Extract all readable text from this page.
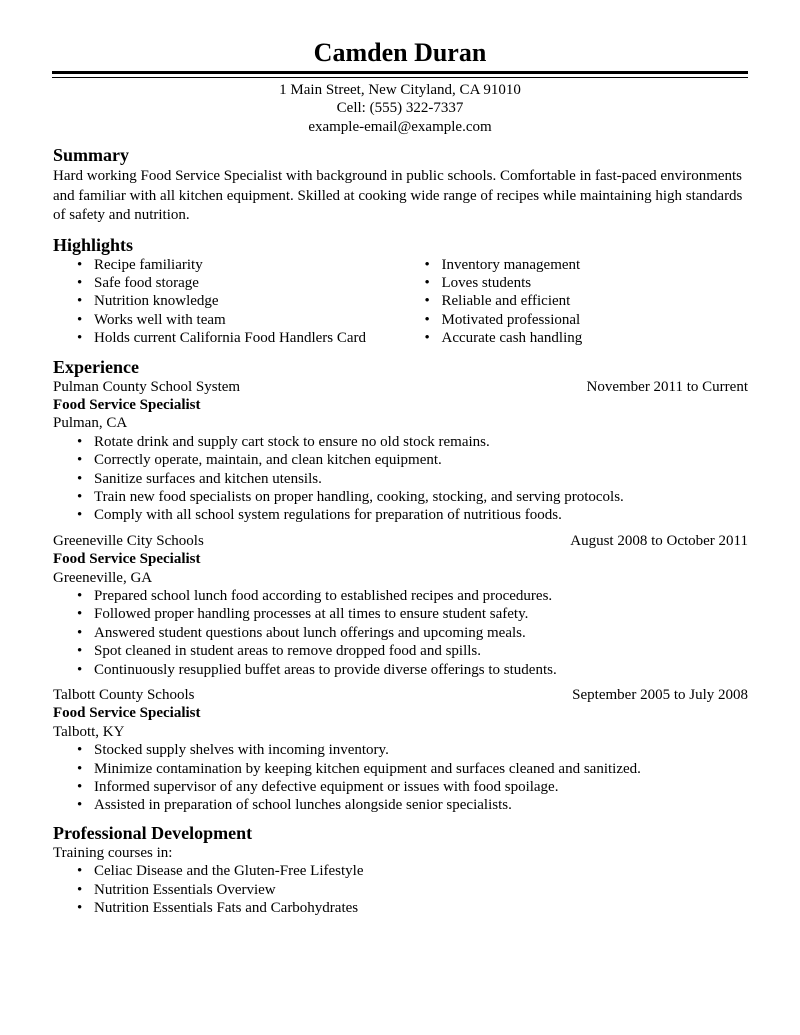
Camden Duran
1 Main Street, New Cityland, CA 91010
Cell: (555) 322-7337
example-email@example.com
Summary
Hard working Food Service Specialist with background in public schools. Comfortable in fast-paced environments and familiar with all kitchen equipment. Skilled at cooking wide range of recipes while maintaining high standards of safety and nutrition.
Highlights
• Recipe familiarity
• Safe food storage
• Nutrition knowledge
• Works well with team
• Holds current California Food Handlers Card
• Inventory management
• Loves students
• Reliable and efficient
• Motivated professional
• Accurate cash handling
Experience
Pulman County School System	November 2011 to Current
Food Service Specialist
Pulman, CA
• Rotate drink and supply cart stock to ensure no old stock remains.
• Correctly operate, maintain, and clean kitchen equipment.
• Sanitize surfaces and kitchen utensils.
• Train new food specialists on proper handling, cooking, stocking, and serving protocols.
• Comply with all school system regulations for preparation of nutritious foods.
Greeneville City Schools	August 2008 to October 2011
Food Service Specialist
Greeneville, GA
• Prepared school lunch food according to established recipes and procedures.
• Followed proper handling processes at all times to ensure student safety.
• Answered student questions about lunch offerings and upcoming meals.
• Spot cleaned in student areas to remove dropped food and spills.
• Continuously resupplied buffet areas to provide diverse offerings to students.
Talbott County Schools	September 2005 to July 2008
Food Service Specialist
Talbott, KY
• Stocked supply shelves with incoming inventory.
• Minimize contamination by keeping kitchen equipment and surfaces cleaned and sanitized.
• Informed supervisor of any defective equipment or issues with food spoilage.
• Assisted in preparation of school lunches alongside senior specialists.
Professional Development
Training courses in:
• Celiac Disease and the Gluten-Free Lifestyle
• Nutrition Essentials Overview
• Nutrition Essentials Fats and Carbohydrates
